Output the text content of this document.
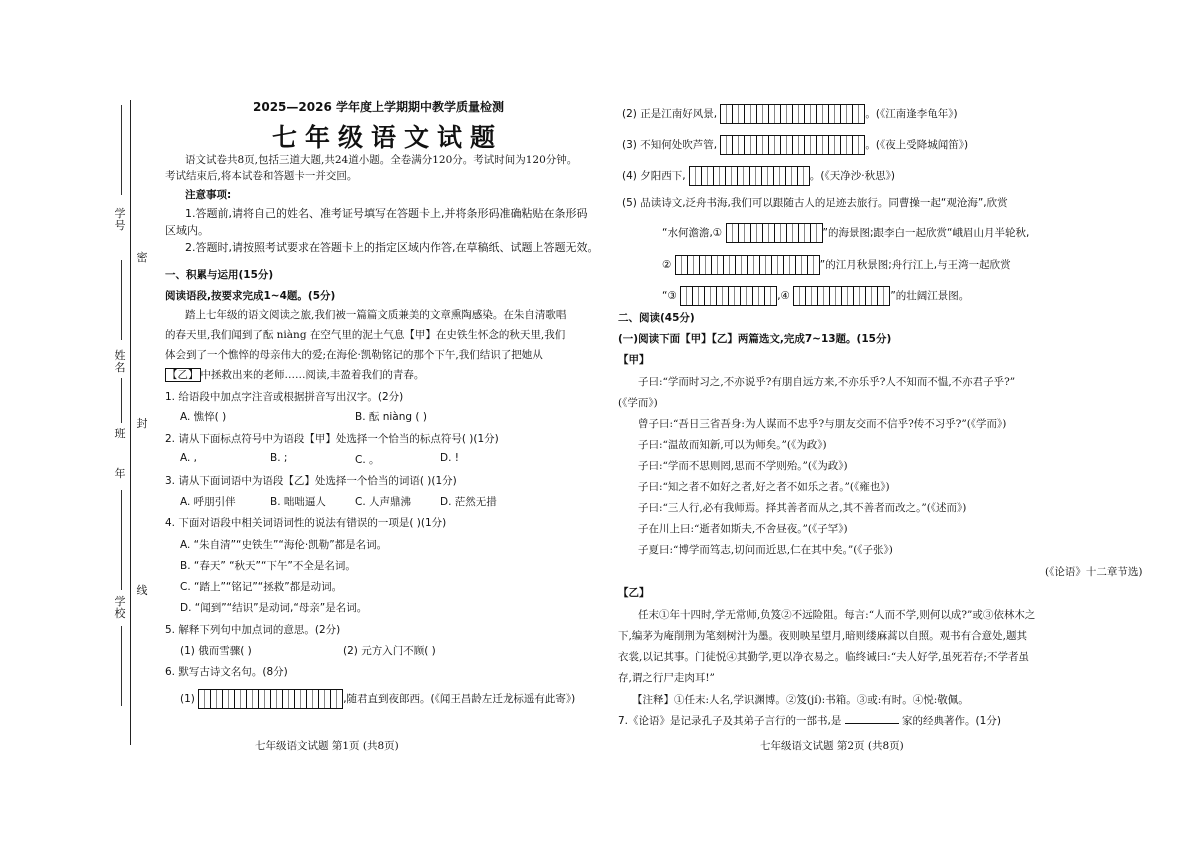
学号
密
姓名
封
班
年
线
学校
2025—2026 学年度上学期期中教学质量检测
七年级语文试题
语文试卷共8页,包括三道大题,共24道小题。全卷满分120分。考试时间为120分钟。
考试结束后,将本试卷和答题卡一并交回。
注意事项:
1.答题前,请将自己的姓名、准考证号填写在答题卡上,并将条形码准确粘贴在条形码
区域内。
2.答题时,请按照考试要求在答题卡上的指定区域内作答,在草稿纸、试题上答题无效。
一、积累与运用(15分)
阅读语段,按要求完成1~4题。(5分)
踏上七年级的语文阅读之旅,我们被一篇篇文质兼美的文章熏陶感染。在朱自清歌唱
的春天里,我们闻到了酝 niàng 在空气里的泥土气息【甲】在史铁生怀念的秋天里,我们
体会到了一个憔悴的母亲伟大的爱;在海伦·凯勒铭记的那个下午,我们结识了把她从
【乙】 中拯救出来的老师……阅读,丰盈着我们的青春。
1. 给语段中加点字注音或根据拼音写出汉字。(2分)
A. 憔悴( )	B. 酝 niàng ( )
2. 请从下面标点符号中为语段【甲】处选择一个恰当的标点符号( )(1分)
A. ,	B. ;	C. 。	D. !
3. 请从下面词语中为语段【乙】处选择一个恰当的词语( )(1分)
A. 呼朋引伴	B. 咄咄逼人	C. 人声鼎沸	D. 茫然无措
4. 下面对语段中相关词语词性的说法有错误的一项是( )(1分)
A. “朱自清”“史铁生”“海伦·凯勒”都是名词。
B. “春天” “秋天”“下午”不全是名词。
C. “踏上”“铭记”“拯救”都是动词。
D. “闻到”“结识”是动词,“母亲”是名词。
5. 解释下列句中加点词的意思。(2分)
(1) 俄而雪骤( )	(2) 元方入门不顾( )
6. 默写古诗文名句。(8分)
(1)	,随君直到夜郎西。(《闻王昌龄左迁龙标遥有此寄》)
七年级语文试题 第1页 (共8页)
(2) 正是江南好风景,	。(《江南逢李龟年》)
(3) 不知何处吹芦管,	。(《夜上受降城闻笛》)
(4) 夕阳西下,	。(《天净沙·秋思》)
(5) 品读诗文,泛舟书海,我们可以跟随古人的足迹去旅行。同曹操一起“观沧海”,欣赏
“水何澹澹,①	”的海景图;跟李白一起欣赏“峨眉山月半轮秋,
②	”的江月秋景图;舟行江上,与王湾一起欣赏
“③	,④	”的壮阔江景图。
二、阅读(45分)
(一)阅读下面【甲】【乙】两篇选文,完成7~13题。(15分)
【甲】
子曰:“学而时习之,不亦说乎?有朋自远方来,不亦乐乎?人不知而不愠,不亦君子乎?”
(《学而》)
曾子曰:“吾日三省吾身:为人谋而不忠乎?与朋友交而不信乎?传不习乎?”(《学而》)
子曰:“温故而知新,可以为师矣。”(《为政》)
子曰:“学而不思则罔,思而不学则殆。”(《为政》)
子曰:“知之者不如好之者,好之者不如乐之者。”(《雍也》)
子曰:“三人行,必有我师焉。择其善者而从之,其不善者而改之。”(《述而》)
子在川上曰:“逝者如斯夫,不舍昼夜。”(《子罕》)
子夏曰:“博学而笃志,切问而近思,仁在其中矣。”(《子张》)
(《论语》十二章节选)
【乙】
任末①年十四时,学无常师,负笈②不远险阻。每言:“人而不学,则何以成?”或③依林木之
下,编茅为庵削荆为笔刻树汁为墨。夜则映星望月,暗则缕麻蒿以自照。观书有合意处,题其
衣裳,以记其事。门徒悦④其勤学,更以净衣易之。临终诫曰:“夫人好学,虽死若存;不学者虽
存,谓之行尸走肉耳!”
【注释】①任末:人名,学识渊博。②笈(jí):书箱。③或:有时。④悦:敬佩。
7.《论语》是记录孔子及其弟子言行的一部书,是	家的经典著作。(1分)
七年级语文试题 第2页 (共8页)
